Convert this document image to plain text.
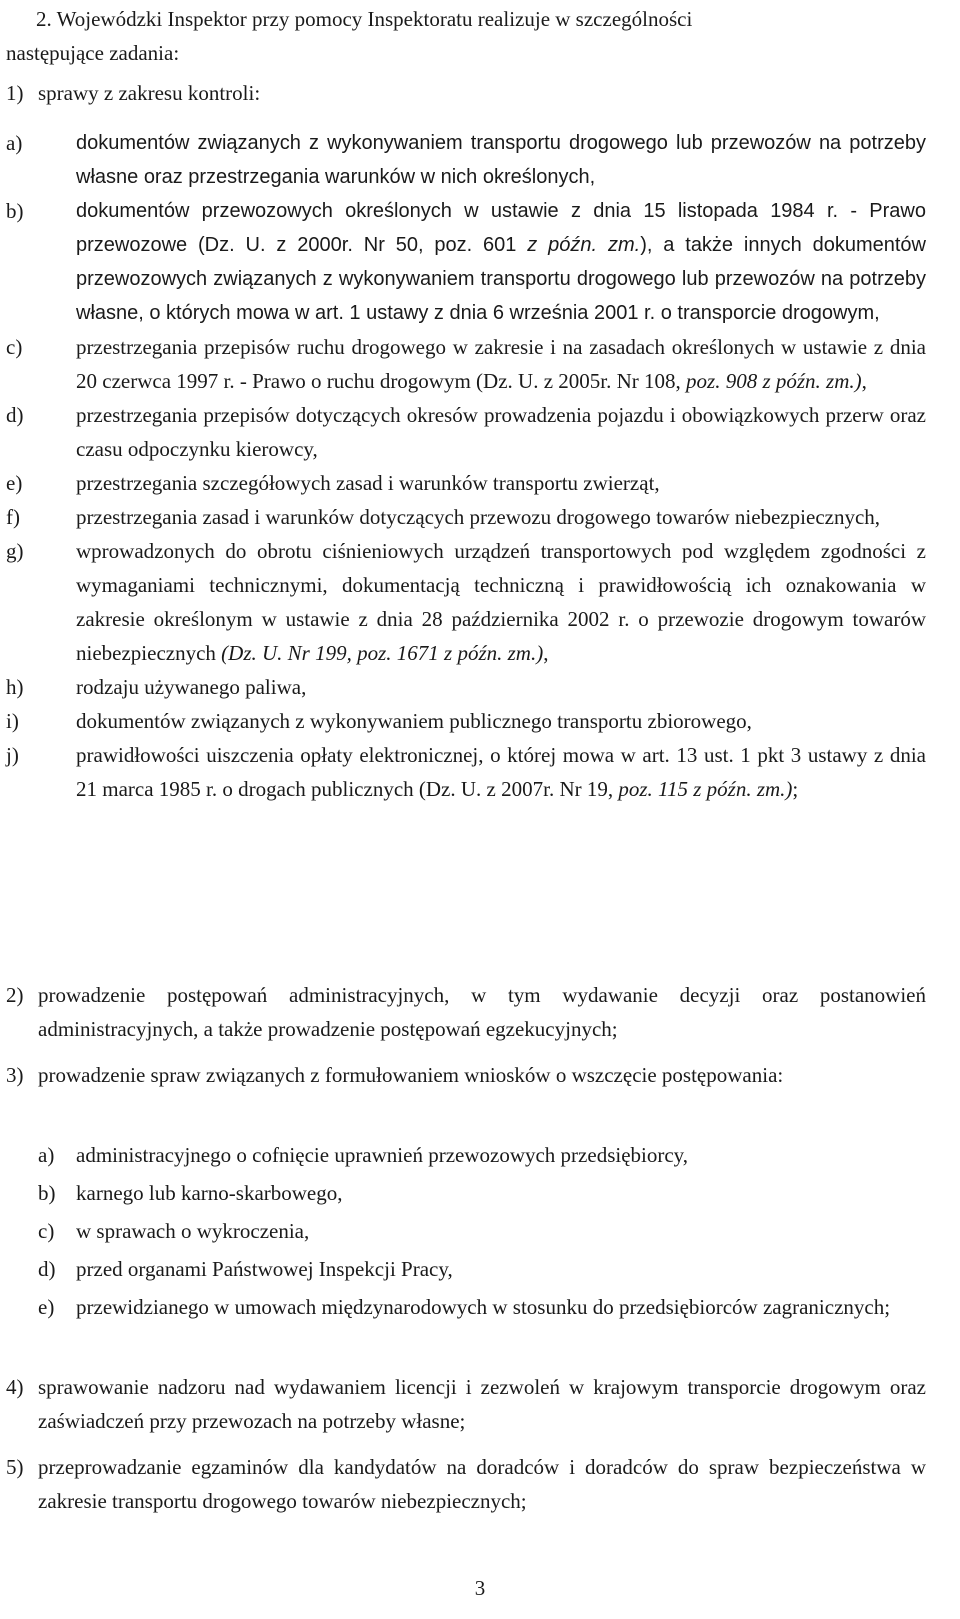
2. Wojewódzki Inspektor przy pomocy Inspektoratu realizuje w szczególności

następujące zadania:

1) sprawy z zakresu kontroli:
a)	dokumentów związanych z wykonywaniem transportu drogowego lub przewozów na potrzeby własne oraz przestrzegania warunków w nich określonych,
b)	dokumentów przewozowych określonych w ustawie z dnia 15 listopada 1984 r. - Prawo przewozowe (Dz. U. z 2000r. Nr 50, poz. 601 z późn. zm.), a także innych dokumentów przewozowych związanych z wykonywaniem transportu drogowego lub przewozów na potrzeby własne, o których mowa w art. 1 ustawy z dnia 6 września 2001 r. o transporcie drogowym,
c)	przestrzegania przepisów ruchu drogowego w zakresie i na zasadach określonych w ustawie z dnia 20 czerwca 1997 r. - Prawo o ruchu drogowym (Dz. U. z 2005r. Nr 108, poz. 908 z późn. zm.),
d)	przestrzegania przepisów dotyczących okresów prowadzenia pojazdu i obowiązkowych przerw oraz czasu odpoczynku kierowcy,
e)	przestrzegania szczegółowych zasad i warunków transportu zwierząt,
f)	przestrzegania zasad i warunków dotyczących przewozu drogowego towarów niebezpiecznych,
g)	wprowadzonych do obrotu ciśnieniowych urządzeń transportowych pod względem zgodności z wymaganiami technicznymi, dokumentacją techniczną i prawidłowością ich oznakowania w zakresie określonym w ustawie z dnia 28 października 2002 r. o przewozie drogowym towarów niebezpiecznych (Dz. U. Nr 199, poz. 1671 z późn. zm.),
h)	rodzaju używanego paliwa,
i)	dokumentów związanych z wykonywaniem publicznego transportu zbiorowego,
j)	prawidłowości uiszczenia opłaty elektronicznej, o której mowa w art. 13 ust. 1 pkt 3 ustawy z dnia 21 marca 1985 r. o drogach publicznych (Dz. U. z 2007r. Nr 19, poz. 115 z późn. zm.);
2) prowadzenie postępowań administracyjnych, w tym wydawanie decyzji oraz postanowień administracyjnych, a także prowadzenie postępowań egzekucyjnych;
3) prowadzenie spraw związanych z formułowaniem wniosków o wszczęcie postępowania:
a)	administracyjnego o cofnięcie uprawnień przewozowych przedsiębiorcy,
b) karnego lub karno-skarbowego,
c)	w sprawach o wykroczenia,
d) przed organami Państwowej Inspekcji Pracy,
e)	przewidzianego w umowach międzynarodowych w stosunku do przedsiębiorców zagranicznych;
4) sprawowanie nadzoru nad wydawaniem licencji i zezwoleń w krajowym transporcie drogowym oraz zaświadczeń przy przewozach na potrzeby własne;
5) przeprowadzanie egzaminów dla kandydatów na doradców i doradców do spraw bezpieczeństwa w zakresie transportu drogowego towarów niebezpiecznych;
3
